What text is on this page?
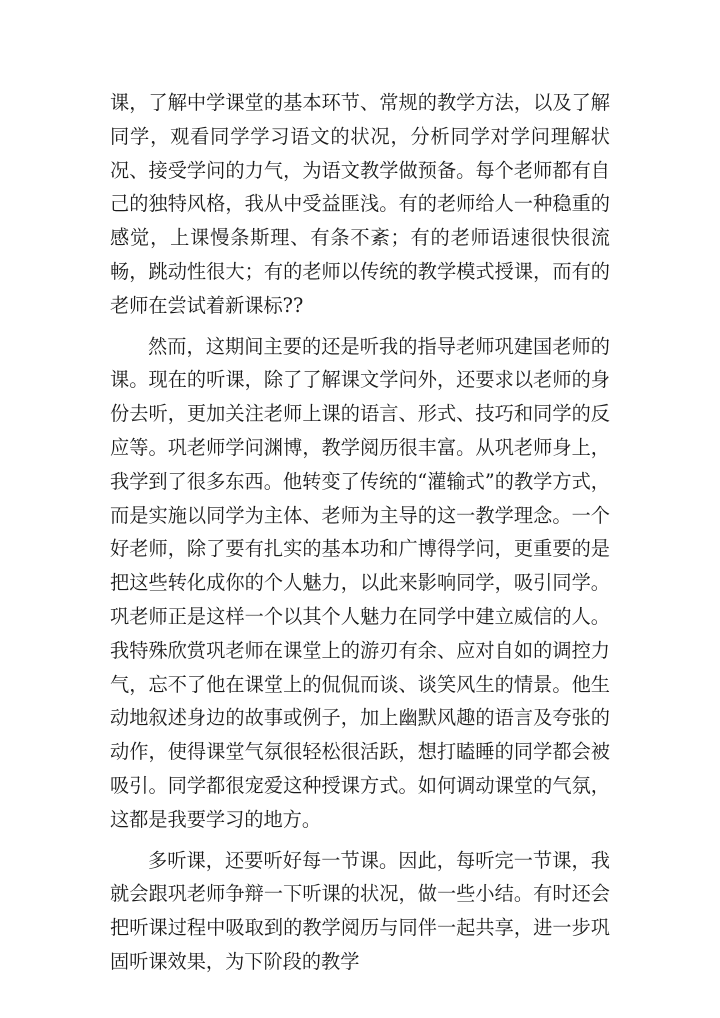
课，了解中学课堂的基本环节、常规的教学方法，以及了解同学，观看同学学习语文的状况，分析同学对学问理解状况、接受学问的力气，为语文教学做预备。每个老师都有自己的独特风格，我从中受益匪浅。有的老师给人一种稳重的感觉，上课慢条斯理、有条不紊；有的老师语速很快很流畅，跳动性很大；有的老师以传统的教学模式授课，而有的老师在尝试着新课标??

然而，这期间主要的还是听我的指导老师巩建国老师的课。现在的听课，除了了解课文学问外，还要求以老师的身份去听，更加关注老师上课的语言、形式、技巧和同学的反应等。巩老师学问渊博，教学阅历很丰富。从巩老师身上，我学到了很多东西。他转变了传统的“灌输式”的教学方式，而是实施以同学为主体、老师为主导的这一教学理念。一个好老师，除了要有扎实的基本功和广博得学问，更重要的是把这些转化成你的个人魅力，以此来影响同学，吸引同学。巩老师正是这样一个以其个人魅力在同学中建立威信的人。我特殊欣赏巩老师在课堂上的游刃有余、应对自如的调控力气，忘不了他在课堂上的侃侃而谈、谈笑风生的情景。他生动地叙述身边的故事或例子，加上幽默风趣的语言及夸张的动作，使得课堂气氛很轻松很活跃，想打瞌睡的同学都会被吸引。同学都很宠爱这种授课方式。如何调动课堂的气氛，这都是我要学习的地方。

多听课，还要听好每一节课。因此，每听完一节课，我就会跟巩老师争辩一下听课的状况，做一些小结。有时还会把听课过程中吸取到的教学阅历与同伴一起共享，进一步巩固听课效果，为下阶段的教学
